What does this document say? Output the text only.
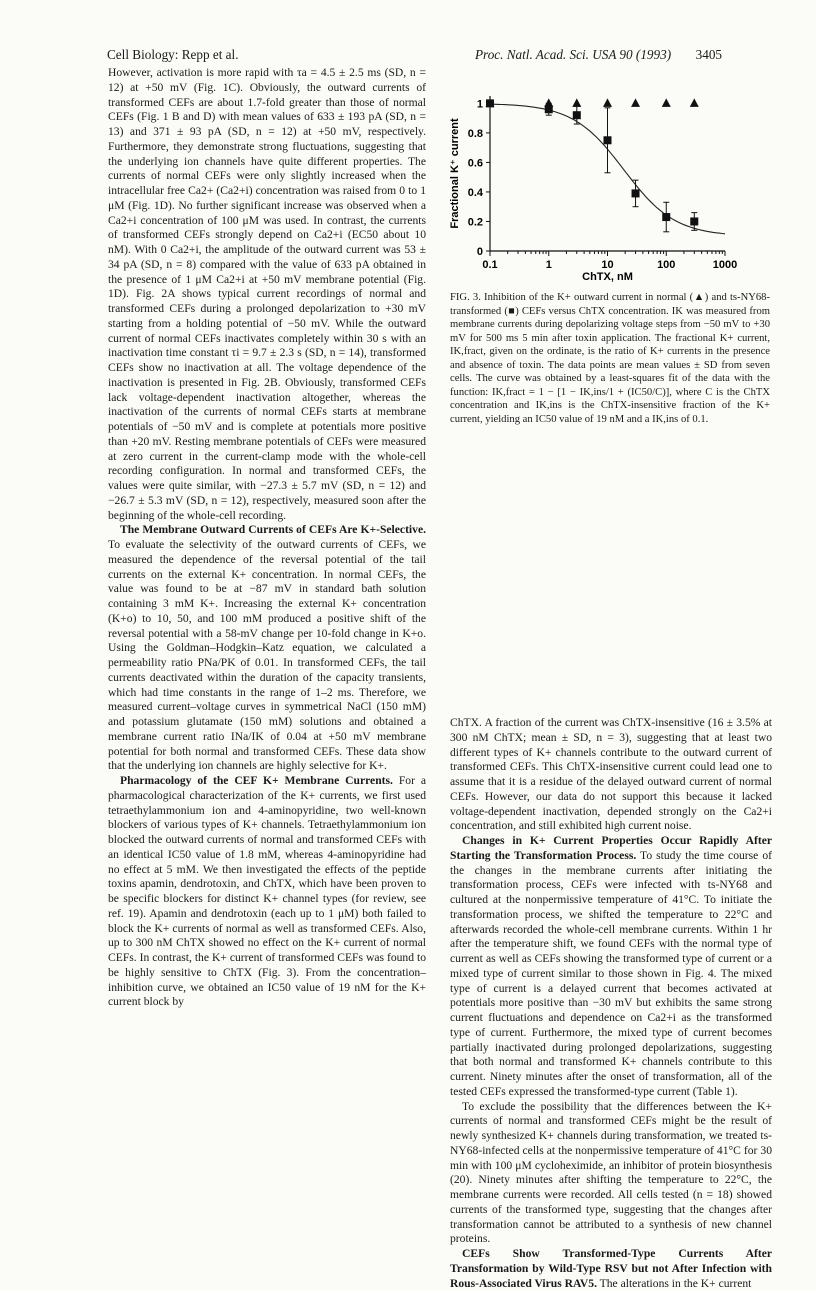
Cell Biology: Repp et al.	Proc. Natl. Acad. Sci. USA 90 (1993) 3405

However, activation is more rapid with τa = 4.5 ± 2.5 ms (SD, n = 12) at +50 mV (Fig. 1C). Obviously, the outward currents of transformed CEFs are about 1.7-fold greater than those of normal CEFs (Fig. 1 B and D) with mean values of 633 ± 193 pA (SD, n = 13) and 371 ± 93 pA (SD, n = 12) at +50 mV, respectively. Furthermore, they demonstrate strong fluctuations, suggesting that the underlying ion channels have quite different properties. The currents of normal CEFs were only slightly increased when the intracellular free Ca2+ (Ca2+i) concentration was raised from 0 to 1 μM (Fig. 1D). No further significant increase was observed when a Ca2+i concentration of 100 μM was used. In contrast, the currents of transformed CEFs strongly depend on Ca2+i (EC50 about 10 nM). With 0 Ca2+i, the amplitude of the outward current was 53 ± 34 pA (SD, n = 8) compared with the value of 633 pA obtained in the presence of 1 μM Ca2+i at +50 mV membrane potential (Fig. 1D). Fig. 2A shows typical current recordings of normal and transformed CEFs during a prolonged depolarization to +30 mV starting from a holding potential of −50 mV. While the outward current of normal CEFs inactivates completely within 30 s with an inactivation time constant τi = 9.7 ± 2.3 s (SD, n = 14), transformed CEFs show no inactivation at all. The voltage dependence of the inactivation is presented in Fig. 2B. Obviously, transformed CEFs lack voltage-dependent inactivation altogether, whereas the inactivation of the currents of normal CEFs starts at membrane potentials of −50 mV and is complete at potentials more positive than +20 mV. Resting membrane potentials of CEFs were measured at zero current in the current-clamp mode with the whole-cell recording configuration. In normal and transformed CEFs, the values were quite similar, with −27.3 ± 5.7 mV (SD, n = 12) and −26.7 ± 5.3 mV (SD, n = 12), respectively, measured soon after the beginning of the whole-cell recording.

The Membrane Outward Currents of CEFs Are K+-Selective. To evaluate the selectivity of the outward currents of CEFs, we measured the dependence of the reversal potential of the tail currents on the external K+ concentration. In normal CEFs, the value was found to be at −87 mV in standard bath solution containing 3 mM K+. Increasing the external K+ concentration (K+o) to 10, 50, and 100 mM produced a positive shift of the reversal potential with a 58-mV change per 10-fold change in K+o. Using the Goldman–Hodgkin–Katz equation, we calculated a permeability ratio PNa/PK of 0.01. In transformed CEFs, the tail currents deactivated within the duration of the capacity transients, which had time constants in the range of 1–2 ms. Therefore, we measured current–voltage curves in symmetrical NaCl (150 mM) and potassium glutamate (150 mM) solutions and obtained a membrane current ratio INa/IK of 0.04 at +50 mV membrane potential for both normal and transformed CEFs. These data show that the underlying ion channels are highly selective for K+.

Pharmacology of the CEF K+ Membrane Currents. For a pharmacological characterization of the K+ currents, we first used tetraethylammonium ion and 4-aminopyridine, two well-known blockers of various types of K+ channels. Tetraethylammonium ion blocked the outward currents of normal and transformed CEFs with an identical IC50 value of 1.8 mM, whereas 4-aminopyridine had no effect at 5 mM. We then investigated the effects of the peptide toxins apamin, dendrotoxin, and ChTX, which have been proven to be specific blockers for distinct K+ channel types (for review, see ref. 19). Apamin and dendrotoxin (each up to 1 μM) both failed to block the K+ currents of normal as well as transformed CEFs. Also, up to 300 nM ChTX showed no effect on the K+ current of normal CEFs. In contrast, the K+ current of transformed CEFs was found to be highly sensitive to ChTX (Fig. 3). From the concentration–inhibition curve, we obtained an IC50 value of 19 nM for the K+ current block by

0
0.2
0.4
0.6
0.8
1
0.1	1	10	100	1000
ChTX, nM
Fractional K⁺ current
FIG. 3. Inhibition of the K+ outward current in normal (▲) and ts-NY68-transformed (■) CEFs versus ChTX concentration. IK was measured from membrane currents during depolarizing voltage steps from −50 mV to +30 mV for 500 ms 5 min after toxin application. The fractional K+ current, IK,fract, given on the ordinate, is the ratio of K+ currents in the presence and absence of toxin. The data points are mean values ± SD from seven cells. The curve was obtained by a least-squares fit of the data with the function: IK,fract = 1 − [1 − IK,ins/1 + (IC50/C)], where C is the ChTX concentration and IK,ins is the ChTX-insensitive fraction of the K+ current, yielding an IC50 value of 19 nM and a IK,ins of 0.1.

ChTX. A fraction of the current was ChTX-insensitive (16 ± 3.5% at 300 nM ChTX; mean ± SD, n = 3), suggesting that at least two different types of K+ channels contribute to the outward current of transformed CEFs. This ChTX-insensitive current could lead one to assume that it is a residue of the delayed outward current of normal CEFs. However, our data do not support this because it lacked voltage-dependent inactivation, depended strongly on the Ca2+i concentration, and still exhibited high current noise.

Changes in K+ Current Properties Occur Rapidly After Starting the Transformation Process. To study the time course of the changes in the membrane currents after initiating the transformation process, CEFs were infected with ts-NY68 and cultured at the nonpermissive temperature of 41°C. To initiate the transformation process, we shifted the temperature to 22°C and afterwards recorded the whole-cell membrane currents. Within 1 hr after the temperature shift, we found CEFs with the normal type of current as well as CEFs showing the transformed type of current or a mixed type of current similar to those shown in Fig. 4. The mixed type of current is a delayed current that becomes activated at potentials more positive than −30 mV but exhibits the same strong current fluctuations and dependence on Ca2+i as the transformed type of current. Furthermore, the mixed type of current becomes partially inactivated during prolonged depolarizations, suggesting that both normal and transformed K+ channels contribute to this current. Ninety minutes after the onset of transformation, all of the tested CEFs expressed the transformed-type current (Table 1).

To exclude the possibility that the differences between the K+ currents of normal and transformed CEFs might be the result of newly synthesized K+ channels during transformation, we treated ts-NY68-infected cells at the nonpermissive temperature of 41°C for 30 min with 100 μM cycloheximide, an inhibitor of protein biosynthesis (20). Ninety minutes after shifting the temperature to 22°C, the membrane currents were recorded. All cells tested (n = 18) showed currents of the transformed type, suggesting that the changes after transformation cannot be attributed to a synthesis of new channel proteins.

CEFs Show Transformed-Type Currents After Transformation by Wild-Type RSV but not After Infection with Rous-Associated Virus RAV5. The alterations in the K+ current
